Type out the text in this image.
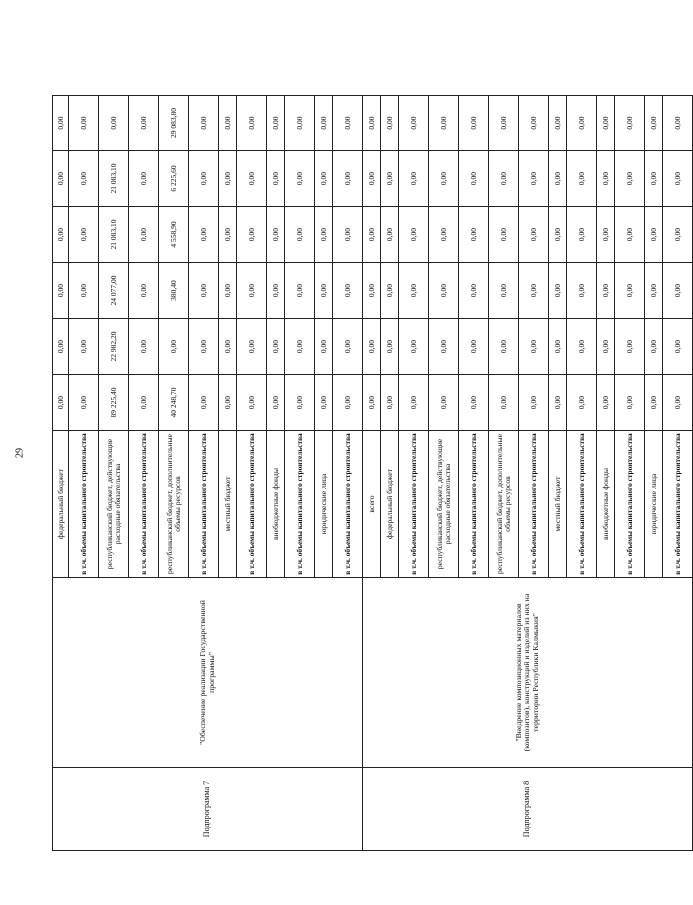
29
Подпрограмма 7	"Обеспечение реализации Государственной программы"	федеральный бюджет	0,00	0,00	0,00	0,00	0,00	0,00
		в т.ч. объемы капитального строительства	0,00	0,00	0,00	0,00	0,00	0,00
		республиканский бюджет, действующие расходные обязательства	89 225,40	22 982,20	24 077,00	21 083,10	21 083,10	0,00
		в т.ч. объемы капитального строительства	0,00	0,00	0,00	0,00	0,00	0,00
		республиканский бюджет, дополнительные объемы ресурсов	40 248,70	0,00	380,40	4 558,90	6 225,60	29 083,80
		в т.ч. объемы капитального строительства	0,00	0,00	0,00	0,00	0,00	0,00
		местный бюджет	0,00	0,00	0,00	0,00	0,00	0,00
		в т.ч. объемы капитального строительства	0,00	0,00	0,00	0,00	0,00	0,00
		внебюджетные фонды	0,00	0,00	0,00	0,00	0,00	0,00
		в т.ч. объемы капитального строительства	0,00	0,00	0,00	0,00	0,00	0,00
		юридические лица	0,00	0,00	0,00	0,00	0,00	0,00
		в т.ч. объемы капитального строительства	0,00	0,00	0,00	0,00	0,00	0,00
Подпрограмма 8	"Внедрение композиционных материалов (композитов), конструкций и изделий из них на территории Республики Калмыкия"	всего	0,00	0,00	0,00	0,00	0,00	0,00
		федеральный бюджет	0,00	0,00	0,00	0,00	0,00	0,00
		в т.ч. объемы капитального строительства	0,00	0,00	0,00	0,00	0,00	0,00
		республиканский бюджет, действующие расходные обязательства	0,00	0,00	0,00	0,00	0,00	0,00
		в т.ч. объемы капитального строительства	0,00	0,00	0,00	0,00	0,00	0,00
		республиканский бюджет, дополнительные объемы ресурсов	0,00	0,00	0,00	0,00	0,00	0,00
		в т.ч. объемы капитального строительства	0,00	0,00	0,00	0,00	0,00	0,00
		местный бюджет	0,00	0,00	0,00	0,00	0,00	0,00
		в т.ч. объемы капитального строительства	0,00	0,00	0,00	0,00	0,00	0,00
		внебюджетные фонды	0,00	0,00	0,00	0,00	0,00	0,00
		в т.ч. объемы капитального строительства	0,00	0,00	0,00	0,00	0,00	0,00
		юридические лица	0,00	0,00	0,00	0,00	0,00	0,00
		в т.ч. объемы капитального строительства	0,00	0,00	0,00	0,00	0,00	0,00
